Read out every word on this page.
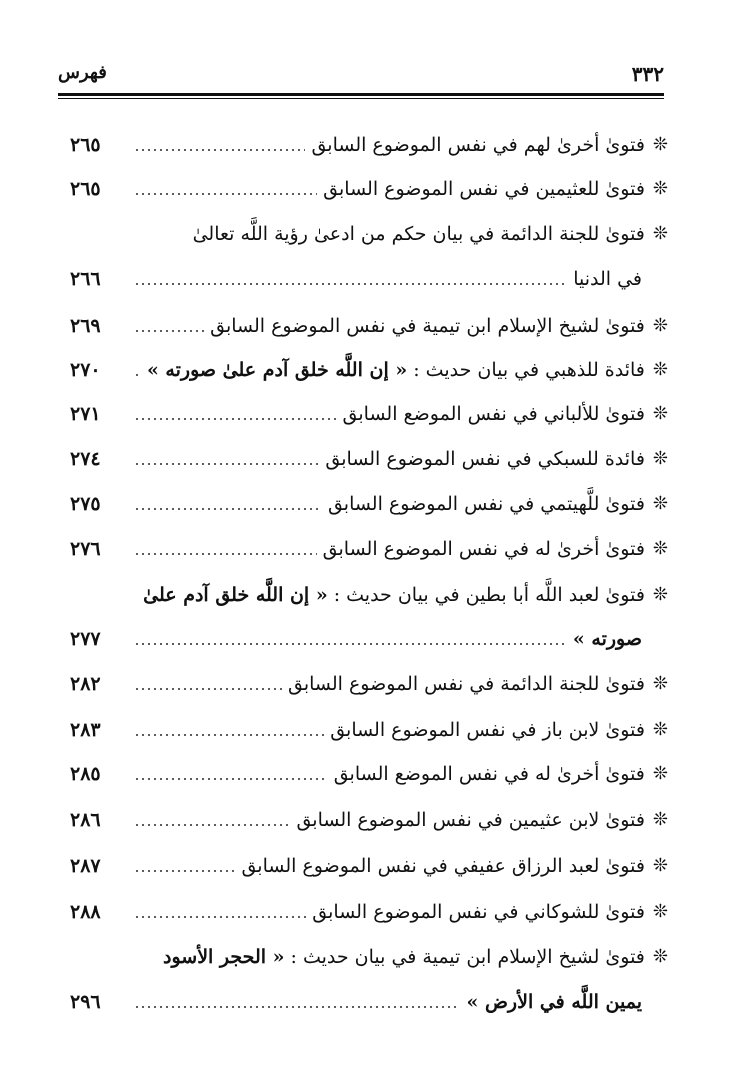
٣٣٢
فهرس
❊
فتوىٰ أخرىٰ لهم في نفس الموضوع السابق
٢٦٥
❊
فتوىٰ للعثيمين في نفس الموضوع السابق
٢٦٥
❊
فتوىٰ للجنة الدائمة في بيان حكم من ادعىٰ رؤية اللَّه تعالىٰ
في الدنيا
٢٦٦
❊
فتوىٰ لشيخ الإسلام ابن تيمية في نفس الموضوع السابق
٢٦٩
❊
فائدة للذهبي في بيان حديث :
« إن اللَّه خلق آدم علىٰ صورته »
٢٧٠
❊
فتوىٰ للألباني في نفس الموضع السابق
٢٧١
❊
فائدة للسبكي في نفس الموضوع السابق
٢٧٤
❊
فتوىٰ للَّهيتمي في نفس الموضوع السابق
٢٧٥
❊
فتوىٰ أخرىٰ له في نفس الموضوع السابق
٢٧٦
❊
فتوىٰ لعبد اللَّه أبا بطين في بيان حديث :
« إن اللَّه خلق آدم علىٰ
صورته »
٢٧٧
❊
فتوىٰ للجنة الدائمة في نفس الموضوع السابق
٢٨٢
❊
فتوىٰ لابن باز في نفس الموضوع السابق
٢٨٣
❊
فتوىٰ أخرىٰ له في نفس الموضع السابق
٢٨٥
❊
فتوىٰ لابن عثيمين في نفس الموضوع السابق
٢٨٦
❊
فتوىٰ لعبد الرزاق عفيفي في نفس الموضوع السابق
٢٨٧
❊
فتوىٰ للشوكاني في نفس الموضوع السابق
٢٨٨
❊
فتوىٰ لشيخ الإسلام ابن تيمية في بيان حديث :
« الحجر الأسود
يمين اللَّه في الأرض »
٢٩٦
